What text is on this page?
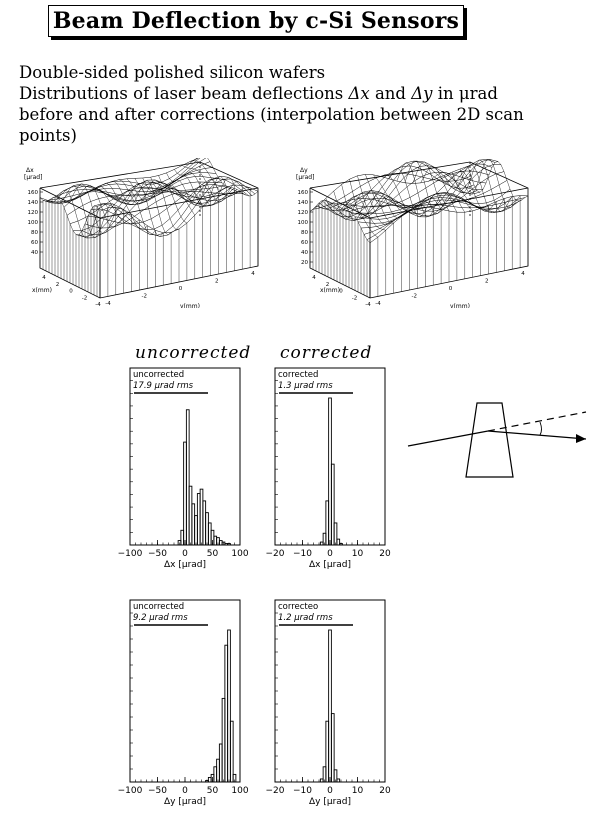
Beam Deflection by c-Si Sensors
Double-sided polished silicon wafers
Distributions of laser beam deflections Δx and Δy in μrad
before and after corrections (interpolation between 2D scan
points)
Δx
[μrad]
160
140
120
100
80
60
40
x(mm)
y(mm)
4
2
0
-2
-4 -4
-2
0
2
4
Δy
[μrad]
160
140
120
100
80
60
40
20
x(mm)
y(mm)
4
2
0
-2
-4 -4
-2
0
2
4
uncorrected corrected
uncorrected
17.9 μrad rms
−100 −50 0 50 100
Δx [μrad]
corrected
1.3 μrad rms
−20 −10 0 10 20
Δx [μrad]
uncorrected
9.2 μrad rms
−100 −50 0 50 100
Δy [μrad]
correcteo
1.2 μrad rms
−20 −10 0 10 20
Δy [μrad]
